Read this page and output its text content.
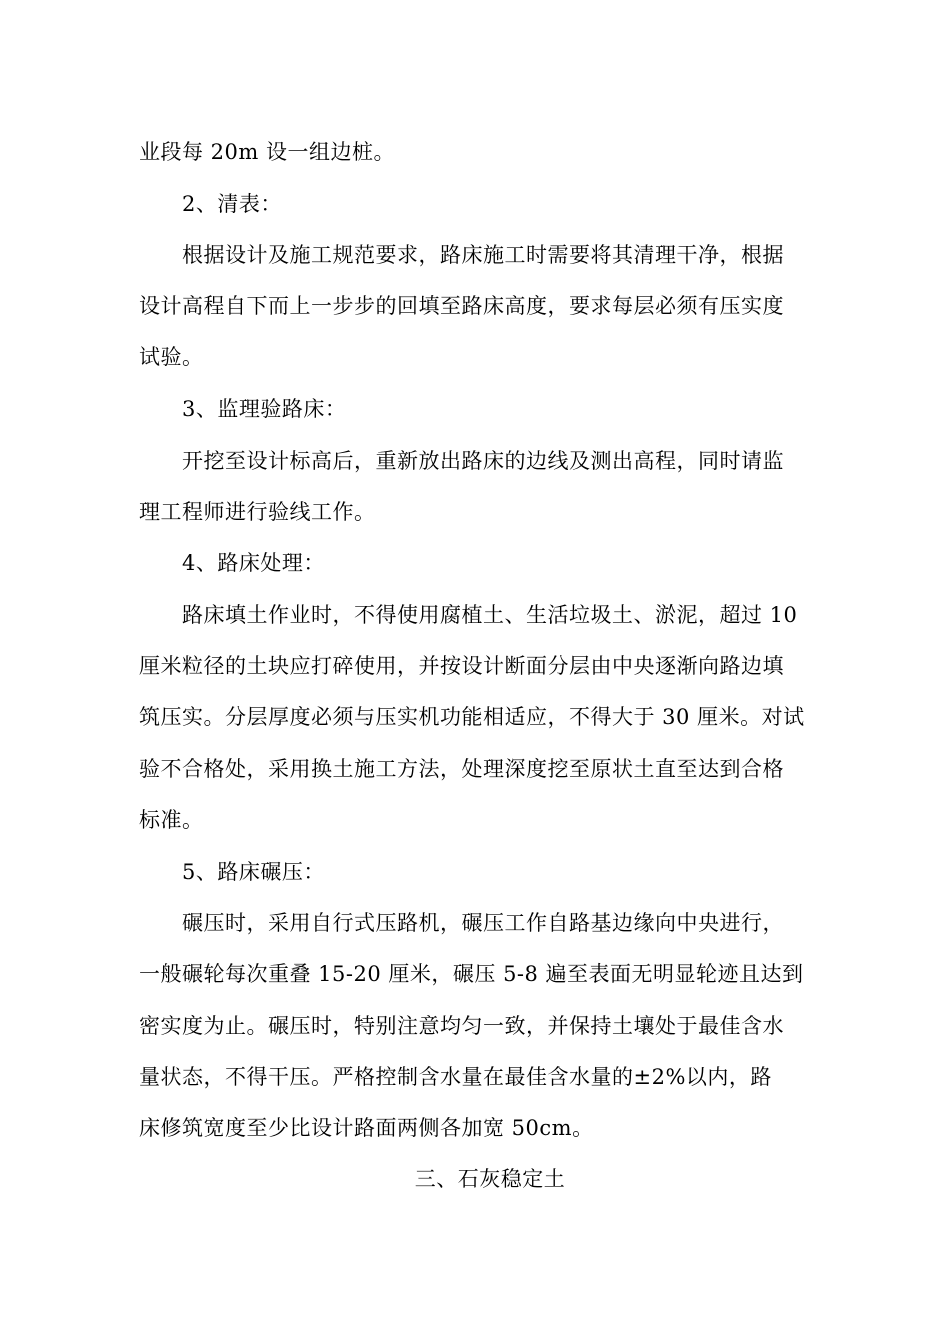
业段每 20m 设一组边桩。
2、清表：
根据设计及施工规范要求，路床施工时需要将其清理干净，根据
设计高程自下而上一步步的回填至路床高度，要求每层必须有压实度
试验。
3、监理验路床：
开挖至设计标高后，重新放出路床的边线及测出高程，同时请监
理工程师进行验线工作。
4、路床处理：
路床填土作业时，不得使用腐植土、生活垃圾土、淤泥，超过 10
厘米粒径的土块应打碎使用，并按设计断面分层由中央逐渐向路边填
筑压实。分层厚度必须与压实机功能相适应，不得大于 30 厘米。对试
验不合格处，采用换土施工方法，处理深度挖至原状土直至达到合格
标准。
5、路床碾压：
碾压时，采用自行式压路机，碾压工作自路基边缘向中央进行，
一般碾轮每次重叠 15-20 厘米，碾压 5-8 遍至表面无明显轮迹且达到
密实度为止。碾压时，特别注意均匀一致，并保持土壤处于最佳含水
量状态，不得干压。严格控制含水量在最佳含水量的±2%以内，路
床修筑宽度至少比设计路面两侧各加宽 50cm。
三、石灰稳定土
